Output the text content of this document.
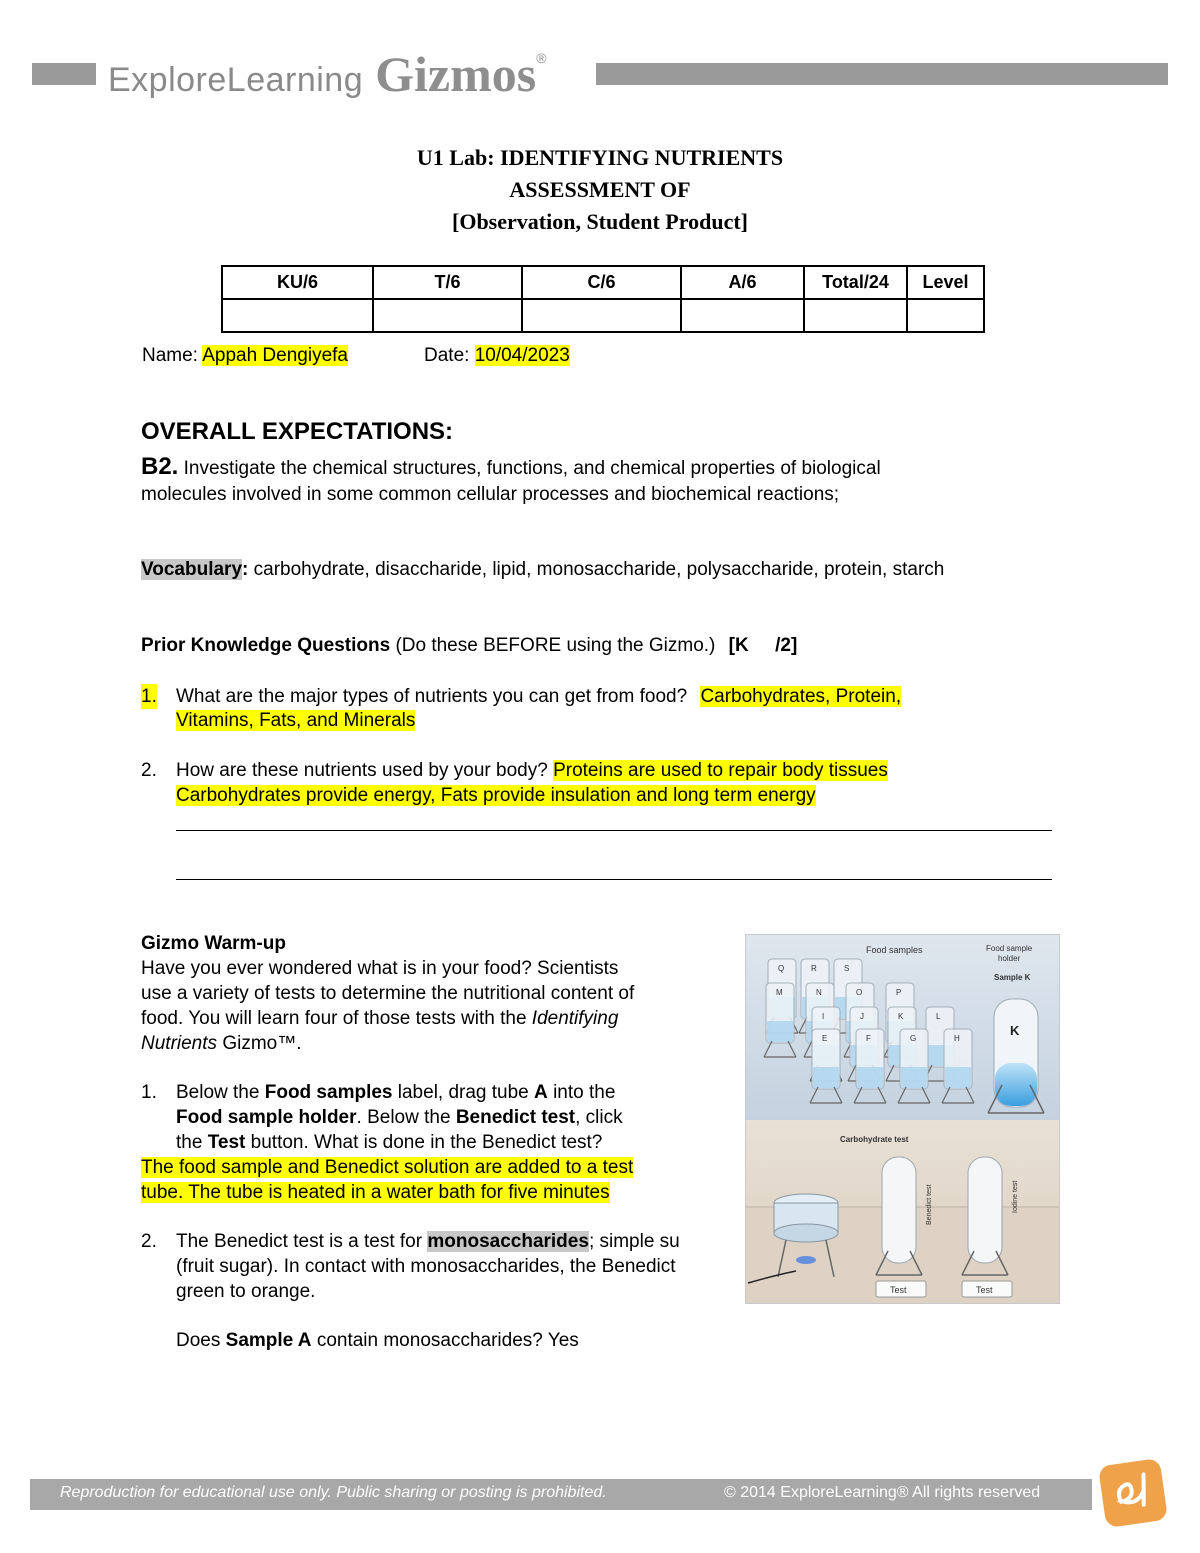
ExploreLearning Gizmos ®
U1 Lab: IDENTIFYING NUTRIENTS
ASSESSMENT OF
[Observation, Student Product]
KU/6	T/6	C/6	A/6	Total/24	Level

Name: Appah Dengiyefa	Date: 10/04/2023
OVERALL EXPECTATIONS:
B2. Investigate the chemical structures, functions, and chemical properties of biological
molecules involved in some common cellular processes and biochemical reactions;
Vocabulary: carbohydrate, disaccharide, lipid, monosaccharide, polysaccharide, protein, starch
Prior Knowledge Questions (Do these BEFORE using the Gizmo.) [K     /2]
1. What are the major types of nutrients you can get from food? Carbohydrates, Protein,
Vitamins, Fats, and Minerals
2. How are these nutrients used by your body? Proteins are used to repair body tissues
Carbohydrates provide energy, Fats provide insulation and long term energy
Gizmo Warm-up
Have you ever wondered what is in your food? Scientists
use a variety of tests to determine the nutritional content of
food. You will learn four of those tests with the Identifying
Nutrients Gizmo™.
1. Below the Food samples label, drag tube A into the
Food sample holder. Below the Benedict test, click
the Test button. What is done in the Benedict test?
The food sample and Benedict solution are added to a test
tube. The tube is heated in a water bath for five minutes
2. The Benedict test is a test for monosaccharides; simple su
(fruit sugar). In contact with monosaccharides, the Benedict
green to orange.
Does Sample A contain monosaccharides? Yes
Q	R	S
M	N	O	P
I	J	K	L
E	F	G	H
Food samples	Food sample
holder
Sample K
K
Carbohydrate test
Benedict test	Iodine test
Test	Test
Reproduction for educational use only. Public sharing or posting is prohibited.	© 2014 ExploreLearning® All rights reserved
